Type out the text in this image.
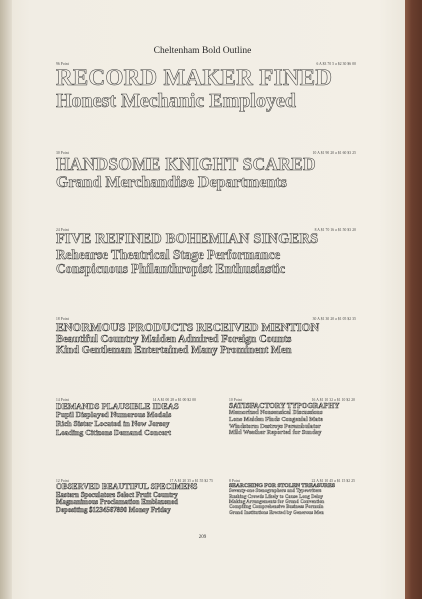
Cheltenham Bold Outline
96 Point	6 A $3 70 5 a $2 30 $6 00
RECORD MAKER FINED
Honest Mechanic Employed
30 Point	10 A $1 90 20 a $1 60 $3 25
HANDSOME KNIGHT SCARED
Grand Merchandise Departments
24 Point	8 A $1 70 16 a $1 50 $3 20
FIVE REFINED BOHEMIAN SINGERS
Rehearse Theatrical Stage Performance
Conspicuous Philanthropist Enthusiastic
18 Point	30 A $1 30 20 a $1 05 $2 35
ENORMOUS PRODUCTS RECEIVED MENTION
Beautiful Country Maiden Admired Foreign Counts
Kind Gentleman Entertained Many Prominent Men
14 Point	14 A $1 00 28 a $1 00 $2 00
DEMANDS PLAUSIBLE IDEAS
Pupil Displayed Numerous Medals
Rich Sister Located in New Jersey
Leading Citizens Demand Concert
10 Point	16 A $1 10 32 a $1 10 $2 20
SATISFACTORY TYPOGRAPHY
Memorized Nonsensical Discussions
Lone Maiden Finds Congenial Mate
Windstorm Destroys Perambulator
Mild Weather Reported for Sunday
12 Point	17 A $1 20 35 a $1 55 $2 75
OBSERVED BEAUTIFUL SPECIMENS
Eastern Speculators Select Fruit Country
Magnanimous Proclamation Emblazoned
Depositing $1234567890 Money Friday
8 Point	22 A $1 10 45 a $1 15 $2 25
SEARCHING FOR STOLEN TREASURES
Seventy-one Stenographers and Typewriters
Rushing Crowds Likely to Cause Long Delay
Making Arrangements for Grand Convention
Compiling Comprehensive Business Formula
Grand Institutions Erected by Generous Men
209
